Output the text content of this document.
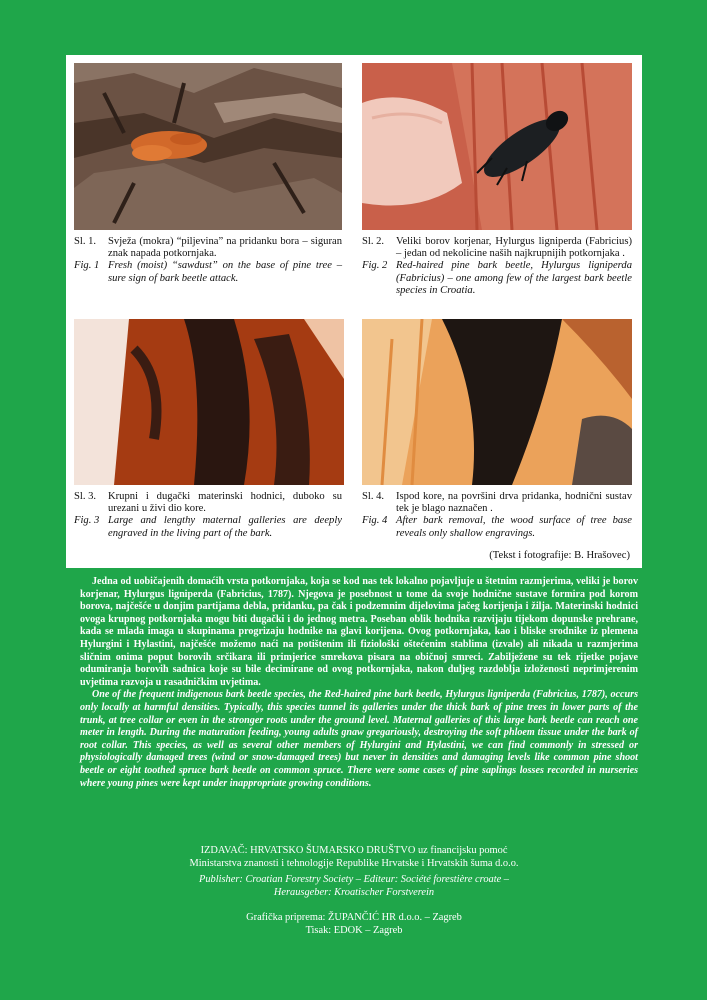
Sl. 1.	Svježa (mokra) “piljevina” na pridanku bora – siguran znak napada potkornjaka.
Fig. 1 Fresh (moist) “sawdust” on the base of pine tree – sure sign of bark beetle attack.
Sl. 2.	Veliki borov korjenar, Hylurgus ligniperda (Fabricius) – jedan od nekolicine naših najkrupnijih potkornjaka .
Fig. 2 Red-haired pine bark beetle, Hylurgus ligniperda (Fabricius) – one among few of the largest bark beetle species in Croatia.
Sl. 3.	Krupni i dugački materinski hodnici, duboko su urezani u živi dio kore.
Fig. 3 Large and lengthy maternal galleries are deeply engraved in the living part of the bark.
Sl. 4.	Ispod kore, na površini drva pridanka, hodnični sustav tek je blago naznačen .
Fig. 4 After bark removal, the wood surface of tree base reveals only shallow engravings.
(Tekst i fotografije: B. Hrašovec)

Jedna od uobičajenih domaćih vrsta potkornjaka, koja se kod nas tek lokalno pojavljuje u štetnim razmjerima, veliki je borov korjenar, Hylurgus ligniperda (Fabricius, 1787). Njegova je posebnost u tome da svoje hodnične sustave formira pod korom borova, najčešće u donjim partijama debla, pridanku, pa čak i podzemnim dijelovima jačeg korijenja i žilja. Materinski hodnici ovoga krupnog potkornjaka mogu biti dugački i do jednog metra. Poseban oblik hodnika razvijaju tijekom dopunske prehrane, kada se mlada imaga u skupinama progrizaju hodnike na glavi korijena. Ovog potkornjaka, kao i bliske srodnike iz plemena Hylurgini i Hylastini, najčešće možemo naći na potištenim ili fiziološki oštećenim stablima (izvale) ali nikada u razmjerima sličnim onima poput borovih srčikara ili primjerice smrekova pisara na običnoj smreci. Zabilježene su tek rijetke pojave odumiranja borovih sadnica koje su bile decimirane od ovog potkornjaka, nakon duljeg razdoblja izloženosti neprimjerenim uvjetima razvoja u rasadničkim uvjetima.

One of the frequent indigenous bark beetle species, the Red-haired pine bark beetle, Hylurgus ligniperda (Fabricius, 1787), occurs only locally at harmful densities. Typically, this species tunnel its galleries under the thick bark of pine trees in lower parts of the trunk, at tree collar or even in the stronger roots under the ground level. Maternal galleries of this large bark beetle can reach one meter in length. During the maturation feeding, young adults gnaw gregariously, destroying the soft phloem tissue under the bark of root collar. This species, as well as several other members of Hylurgini and Hylastini, we can find commonly in stressed or physiologically damaged trees (wind or snow-damaged trees) but never in densities and damaging levels like common pine shoot beetle or eight toothed spruce bark beetle on common spruce. There were some cases of pine saplings losses recorded in nurseries where young pines were kept under inappropriate growing conditions.

IZDAVAČ: HRVATSKO ŠUMARSKO DRUŠTVO uz financijsku pomoć
Ministarstva znanosti i tehnologije Republike Hrvatske i Hrvatskih šuma d.o.o.
Publisher: Croatian Forestry Society – Editeur: Société forestière croate –
Herausgeber: Kroatischer Forstverein
Grafička priprema: ŽUPANČIĆ HR d.o.o. – Zagreb
Tisak: EDOK – Zagreb
